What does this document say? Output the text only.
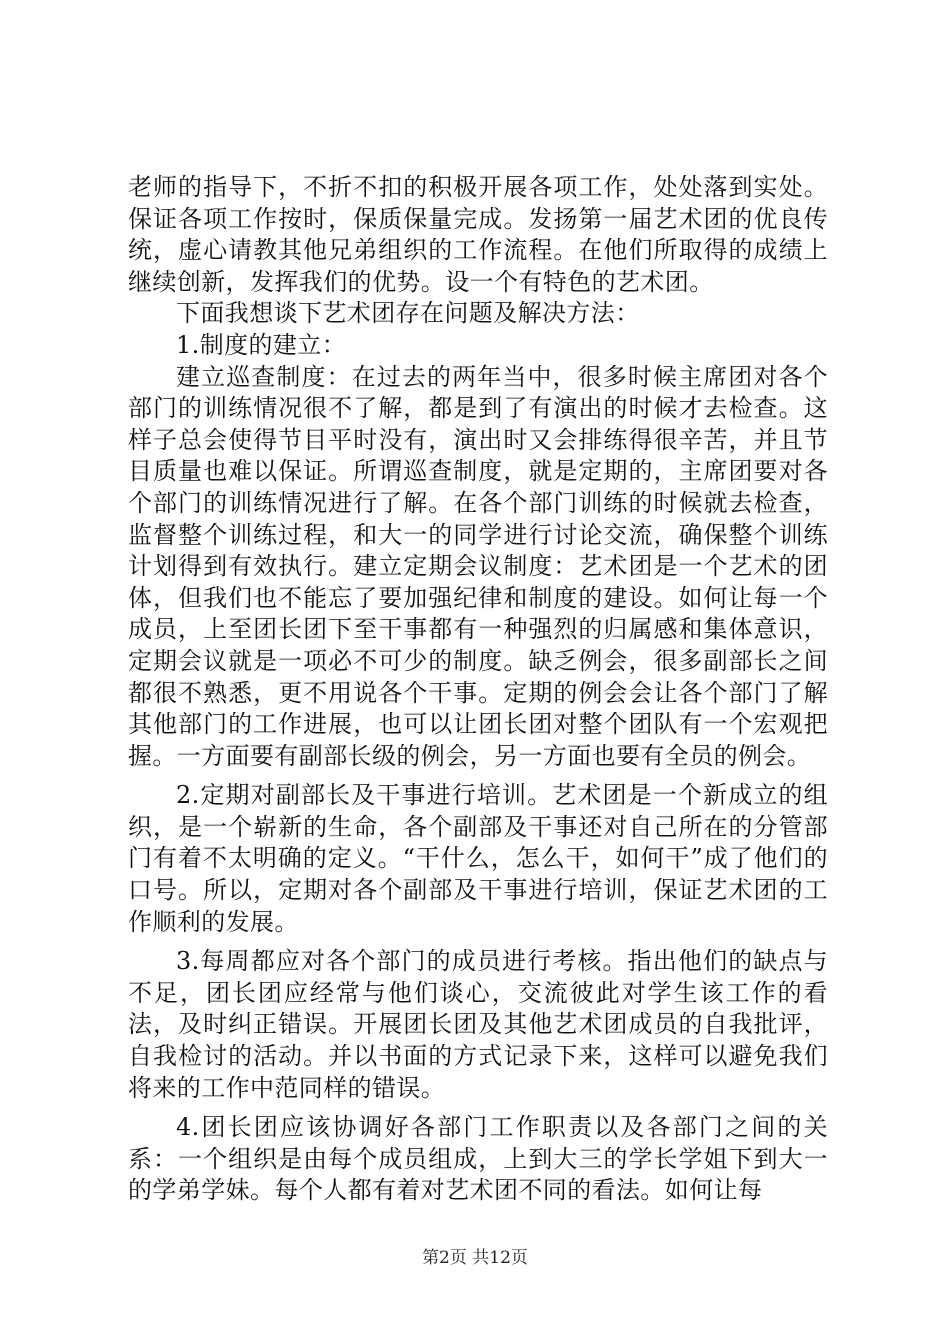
老师的指导下，不折不扣的积极开展各项工作，处处落到实处。保证各项工作按时，保质保量完成。发扬第一届艺术团的优良传统，虚心请教其他兄弟组织的工作流程。在他们所取得的成绩上继续创新，发挥我们的优势。设一个有特色的艺术团。

下面我想谈下艺术团存在问题及解决方法：

1.制度的建立：

建立巡查制度：在过去的两年当中，很多时候主席团对各个部门的训练情况很不了解，都是到了有演出的时候才去检查。这样子总会使得节目平时没有，演出时又会排练得很辛苦，并且节目质量也难以保证。所谓巡查制度，就是定期的，主席团要对各个部门的训练情况进行了解。在各个部门训练的时候就去检查，监督整个训练过程，和大一的同学进行讨论交流，确保整个训练计划得到有效执行。建立定期会议制度：艺术团是一个艺术的团体，但我们也不能忘了要加强纪律和制度的建设。如何让每一个成员，上至团长团下至干事都有一种强烈的归属感和集体意识，定期会议就是一项必不可少的制度。缺乏例会，很多副部长之间都很不熟悉，更不用说各个干事。定期的例会会让各个部门了解其他部门的工作进展，也可以让团长团对整个团队有一个宏观把握。一方面要有副部长级的例会，另一方面也要有全员的例会。

2.定期对副部长及干事进行培训。艺术团是一个新成立的组织，是一个崭新的生命，各个副部及干事还对自己所在的分管部门有着不太明确的定义。“干什么，怎么干，如何干”成了他们的口号。所以，定期对各个副部及干事进行培训，保证艺术团的工作顺利的发展。

3.每周都应对各个部门的成员进行考核。指出他们的缺点与不足，团长团应经常与他们谈心，交流彼此对学生该工作的看法，及时纠正错误。开展团长团及其他艺术团成员的自我批评，自我检讨的活动。并以书面的方式记录下来，这样可以避免我们将来的工作中范同样的错误。

4.团长团应该协调好各部门工作职责以及各部门之间的关系：一个组织是由每个成员组成，上到大三的学长学姐下到大一的学弟学妹。每个人都有着对艺术团不同的看法。如何让每

第2页 共12页
